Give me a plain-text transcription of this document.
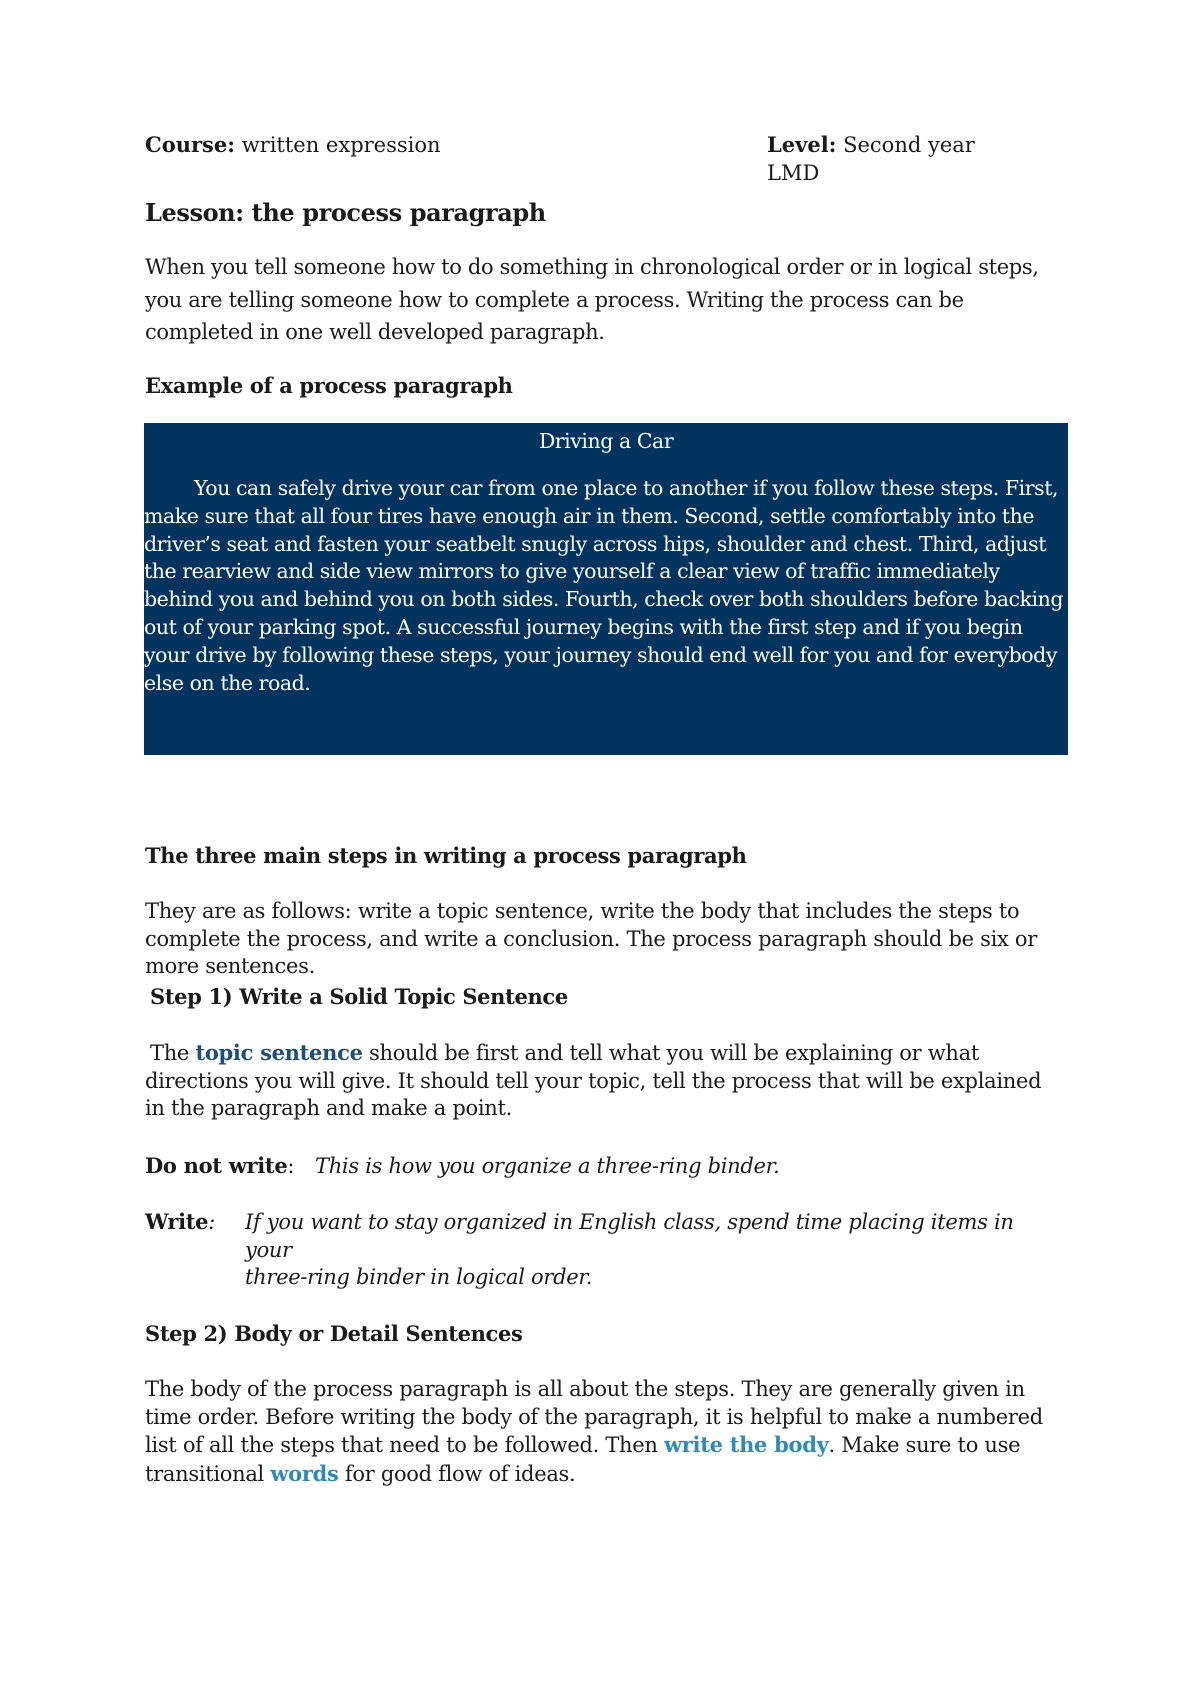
Course: written expression	Level: Second year LMD
Lesson: the process paragraph
When you tell someone how to do something in chronological order or in logical steps, you are telling someone how to complete a process. Writing the process can be completed in one well developed paragraph.
Example of a process paragraph
Driving a Car
You can safely drive your car from one place to another if you follow these steps. First, make sure that all four tires have enough air in them. Second, settle comfortably into the driver’s seat and fasten your seatbelt snugly across hips, shoulder and chest. Third, adjust the rearview and side view mirrors to give yourself a clear view of traffic immediately behind you and behind you on both sides. Fourth, check over both shoulders before backing out of your parking spot. A successful journey begins with the first step and if you begin your drive by following these steps, your journey should end well for you and for everybody else on the road.
The three main steps in writing a process paragraph
They are as follows: write a topic sentence, write the body that includes the steps to complete the process, and write a conclusion. The process paragraph should be six or more sentences.
Step 1) Write a Solid Topic Sentence
The topic sentence should be first and tell what you will be explaining or what directions you will give. It should tell your topic, tell the process that will be explained in the paragraph and make a point.
Do not write: This is how you organize a three-ring binder.
Write: If you want to stay organized in English class, spend time placing items in your
three-ring binder in logical order.
Step 2) Body or Detail Sentences
The body of the process paragraph is all about the steps. They are generally given in time order. Before writing the body of the paragraph, it is helpful to make a numbered list of all the steps that need to be followed. Then write the body. Make sure to use transitional words for good flow of ideas.
